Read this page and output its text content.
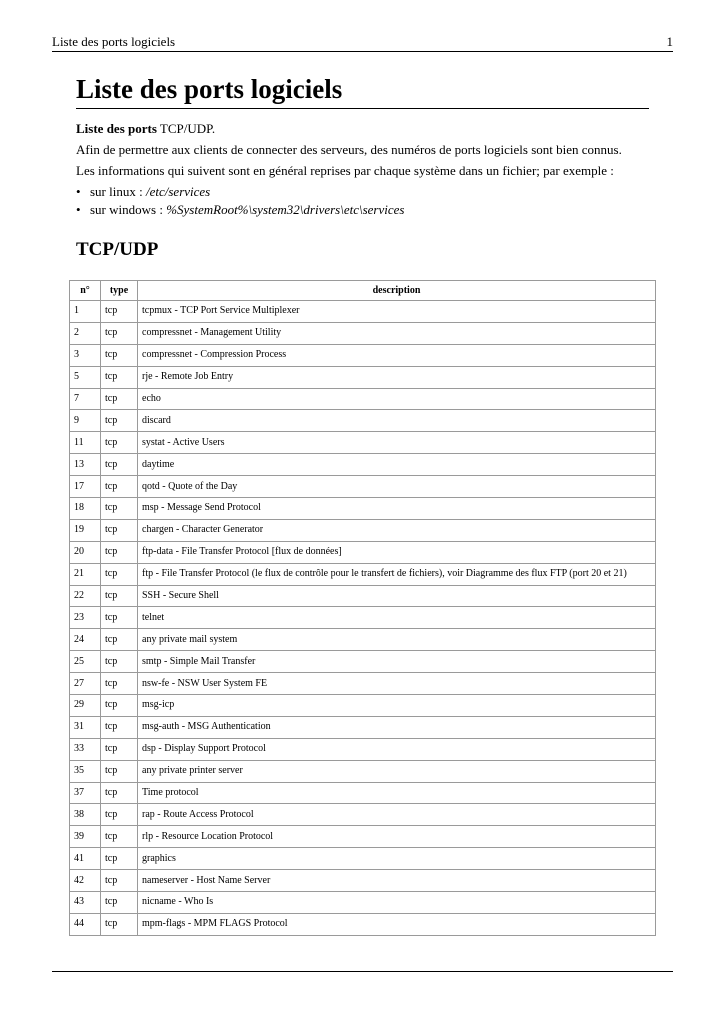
Liste des ports logiciels	1
Liste des ports logiciels

Liste des ports TCP/UDP.

Afin de permettre aux clients de connecter des serveurs, des numéros de ports logiciels sont bien connus.

Les informations qui suivent sont en général reprises par chaque système dans un fichier; par exemple :

• sur linux : /etc/services
• sur windows : %SystemRoot%\system32\drivers\etc\services
TCP/UDP
n°	type	description
1	tcp	tcpmux - TCP Port Service Multiplexer
2	tcp	compressnet - Management Utility
3	tcp	compressnet - Compression Process
5	tcp	rje - Remote Job Entry
7	tcp	echo
9	tcp	discard
11	tcp	systat - Active Users
13	tcp	daytime
17	tcp	qotd - Quote of the Day
18	tcp	msp - Message Send Protocol
19	tcp	chargen - Character Generator
20	tcp	ftp-data - File Transfer Protocol [flux de données]
21	tcp	ftp - File Transfer Protocol (le flux de contrôle pour le transfert de fichiers), voir Diagramme des flux FTP (port 20 et 21)
22	tcp	SSH - Secure Shell
23	tcp	telnet
24	tcp	any private mail system
25	tcp	smtp - Simple Mail Transfer
27	tcp	nsw-fe - NSW User System FE
29	tcp	msg-icp
31	tcp	msg-auth - MSG Authentication
33	tcp	dsp - Display Support Protocol
35	tcp	any private printer server
37	tcp	Time protocol
38	tcp	rap - Route Access Protocol
39	tcp	rlp - Resource Location Protocol
41	tcp	graphics
42	tcp	nameserver - Host Name Server
43	tcp	nicname - Who Is
44	tcp	mpm-flags - MPM FLAGS Protocol
